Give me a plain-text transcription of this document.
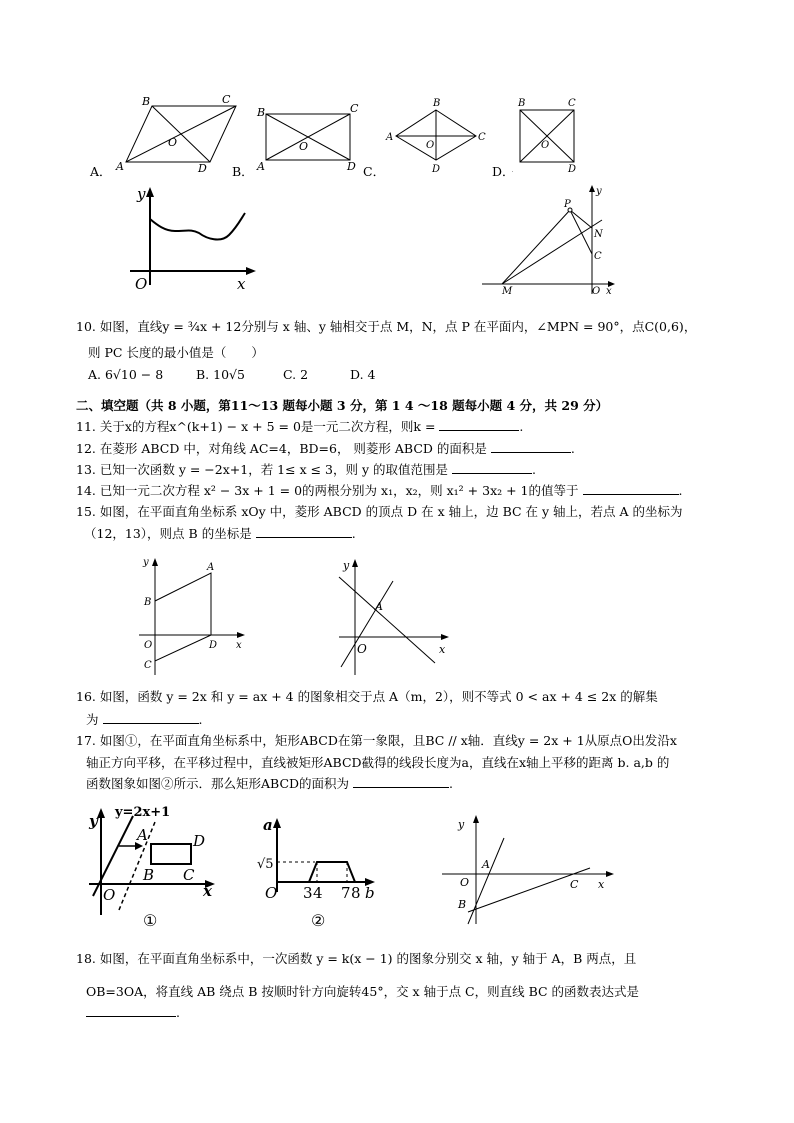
A．
B	C
A	D
O
B．
B	C
A	D
O
C．
B
C
A
D
O
D．
B	C
D
O
y
O	x
P
y
N
C
M	O x
10. 如图，直线y = ³⁄₄x + 12分别与 x 轴、y 轴相交于点 M，N，点 P 在平面内，∠MPN = 90°，点C(0,6)，
则 PC 长度的最小值是（　　）
A. 6√10 − 8	B. 10√5	C. 2	D. 4
二、填空题（共 8 小题，第11～13 题每小题 3 分，第 1 4 ～18 题每小题 4 分，共 29 分）
11. 关于x的方程x^(k+1) − x + 5 = 0是一元二次方程，则k =	.
12. 在菱形 ABCD 中，对角线 AC=4，BD=6， 则菱形 ABCD 的面积是	.
13. 已知一次函数 y = −2x+1，若 1≤ x ≤ 3，则 y 的取值范围是	.
14. 已知一元二次方程 x² − 3x + 1 = 0的两根分别为 x₁，x₂，则 x₁² + 3x₂ + 1的值等于	.
15. 如图，在平面直角坐标系 xOy 中，菱形 ABCD 的顶点 D 在 x 轴上，边 BC 在 y 轴上，若点 A 的坐标为
（12，13），则点 B 的坐标是	.
y	A
B
O	D x
C
y
A
O	x
16. 如图，函数 y = 2x 和 y = ax + 4 的图象相交于点 A（m，2），则不等式 0 < ax + 4 ≤ 2x 的解集
为	.
17. 如图①，在平面直角坐标系中，矩形ABCD在第一象限，且BC // x轴．直线y = 2x + 1从原点O出发沿x
轴正方向平移，在平移过程中，直线被矩形ABCD截得的线段长度为a，直线在x轴上平移的距离 b. a,b 的
函数图象如图②所示．那么矩形ABCD的面积为	.
y y=2x+1
A	D
O
B C
x
①
a
√5
O 3 4 7 8 b
②
y
A
O	C x
B
18. 如图，在平面直角坐标系中，一次函数 y = k(x − 1) 的图象分别交 x 轴，y 轴于 A，B 两点，且
OB=3OA，将直线 AB 绕点 B 按顺时针方向旋转45°，交 x 轴于点 C，则直线 BC 的函数表达式是
.
